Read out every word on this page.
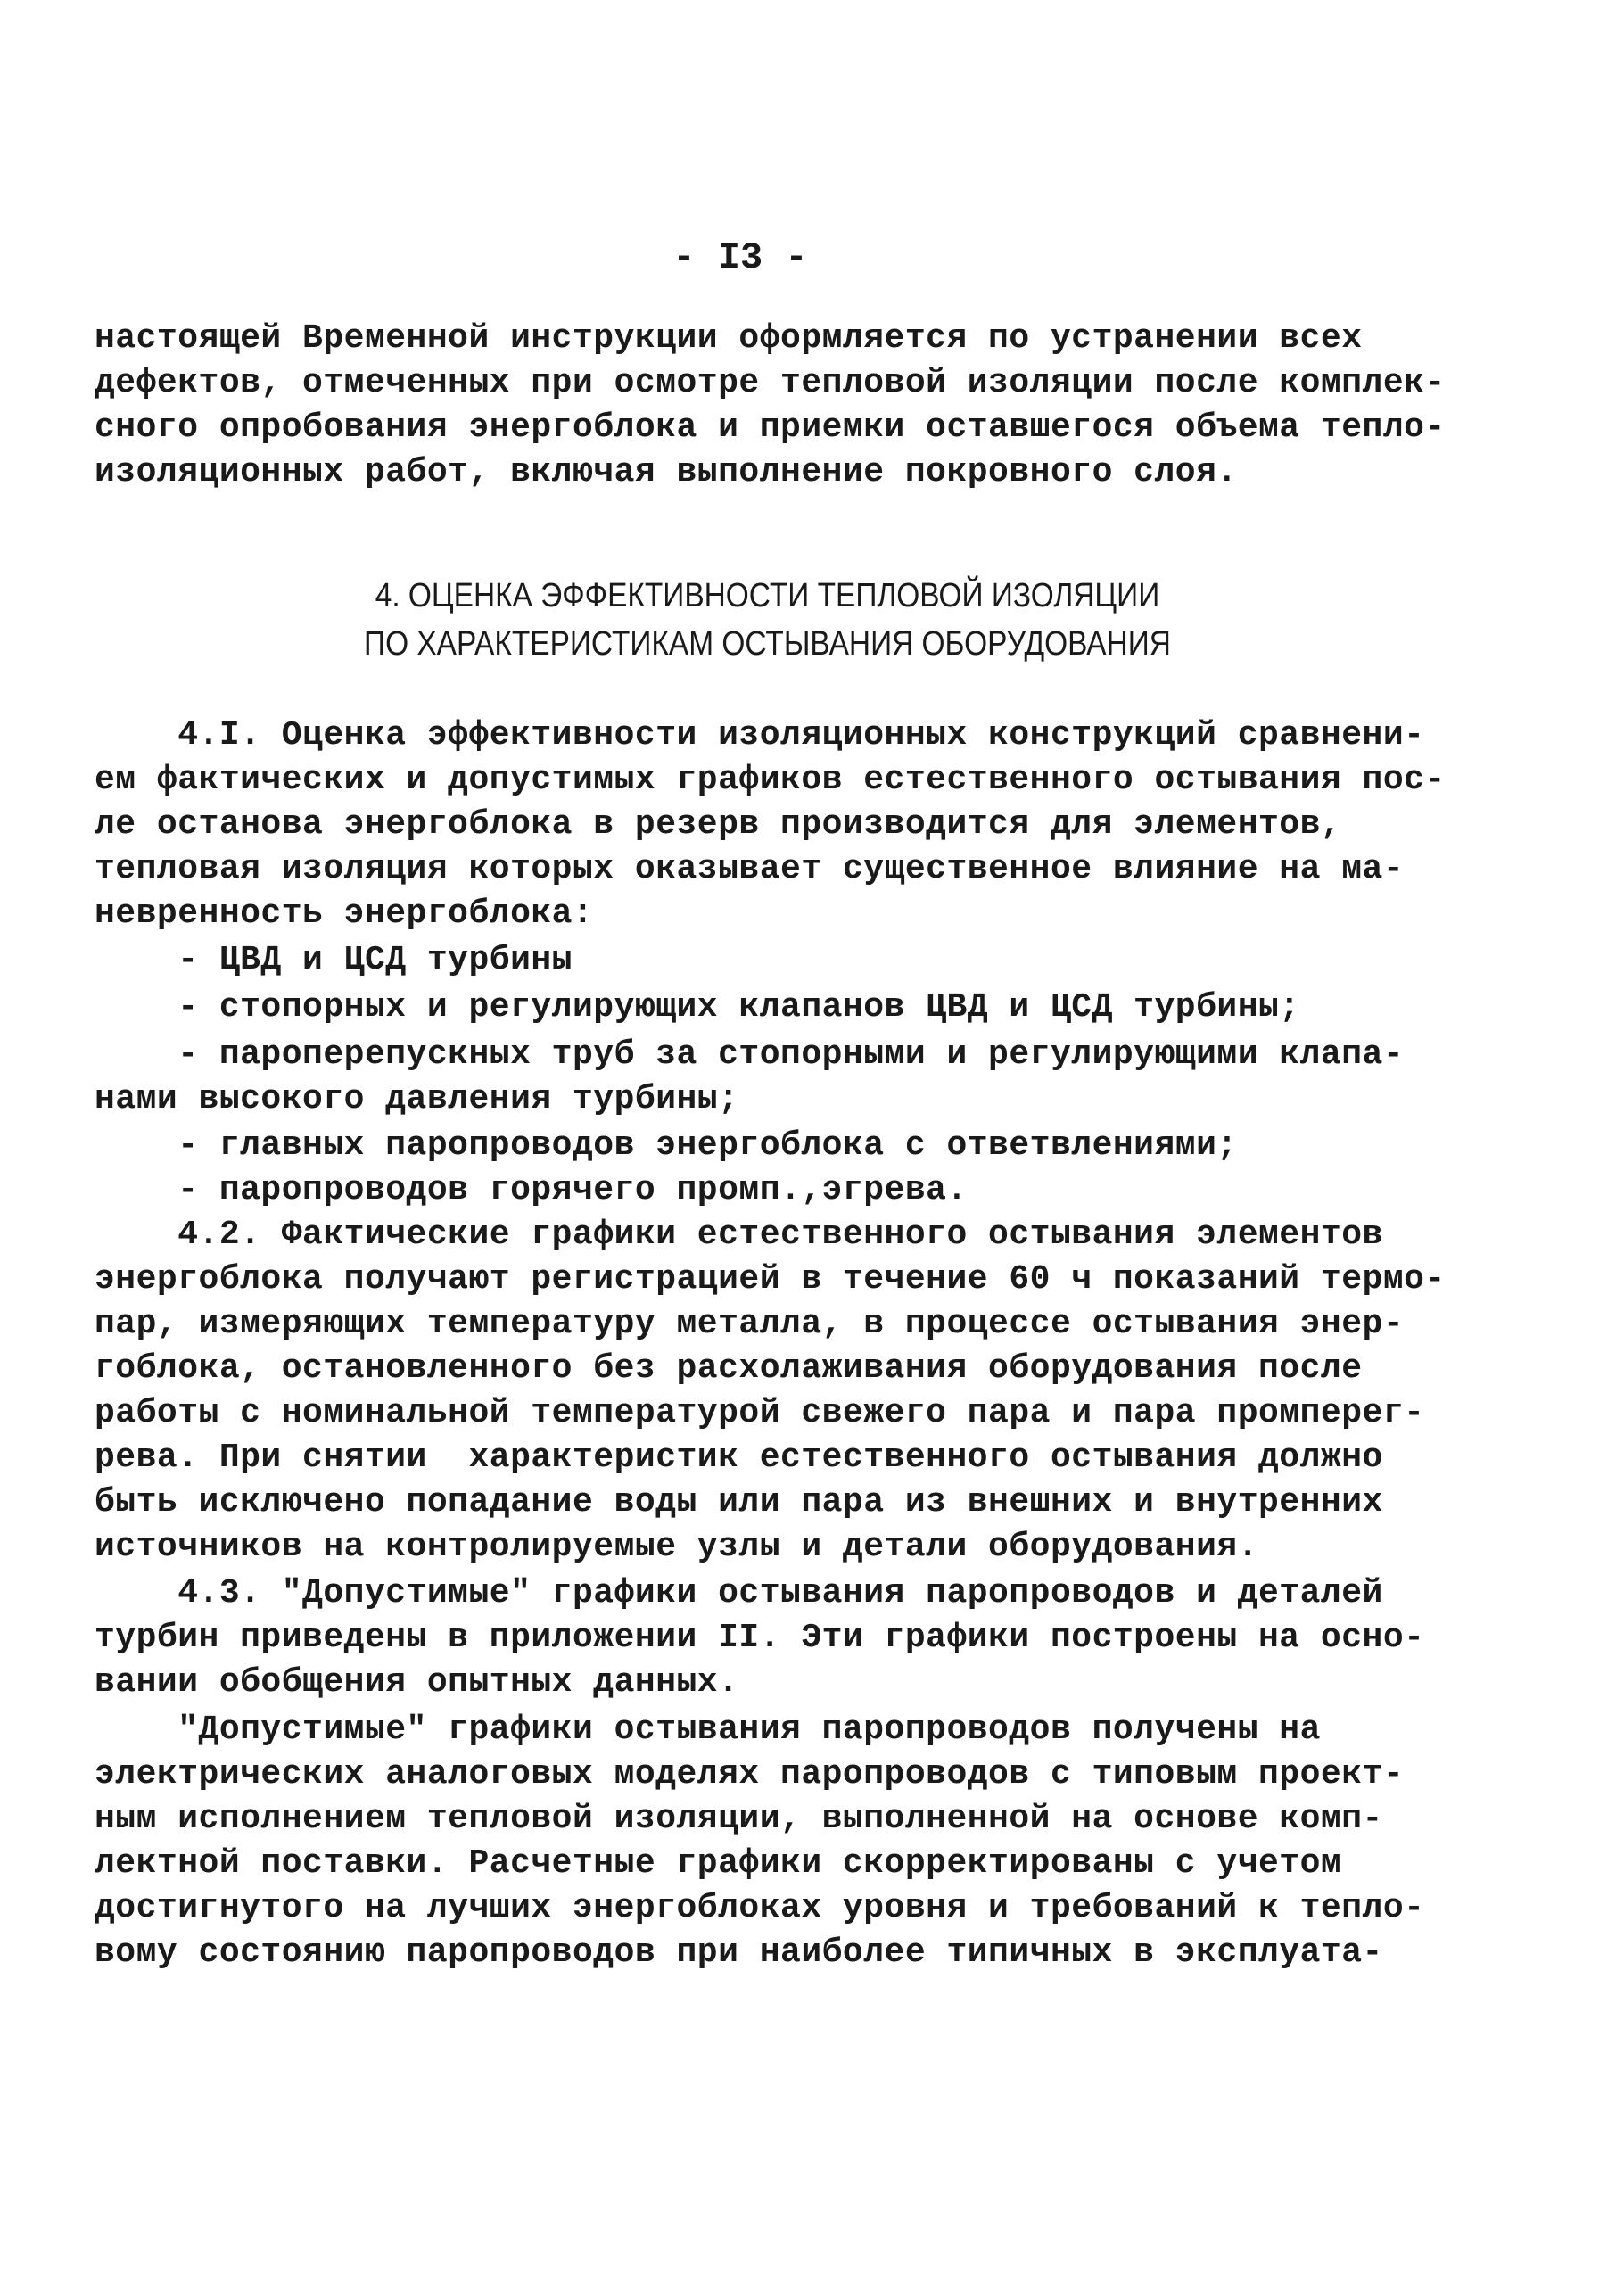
- I3 -
настоящей Временной инструкции оформляется по устранении всех
дефектов, отмеченных при осмотре тепловой изоляции после комплек-
сного опробования энергоблока и приемки оставшегося объема тепло-
изоляционных работ, включая выполнение покровного слоя.
4. ОЦЕНКА ЭФФЕКТИВНОСТИ ТЕПЛОВОЙ ИЗОЛЯЦИИ
ПО ХАРАКТЕРИСТИКАМ ОСТЫВАНИЯ ОБОРУДОВАНИЯ
4.I. Оценка эффективности изоляционных конструкций сравнени-
ем фактических и допустимых графиков естественного остывания пос-
ле останова энергоблока в резерв производится для элементов,
тепловая изоляция которых оказывает существенное влияние на ма-
невренность энергоблока:
- ЦВД и ЦСД турбины
- стопорных и регулирующих клапанов ЦВД и ЦСД турбины;
- пароперепускных труб за стопорными и регулирующими клапа-
нами высокого давления турбины;
- главных паропроводов энергоблока с ответвлениями;
- паропроводов горячего промп.,эгрева.
4.2. Фактические графики естественного остывания элементов
энергоблока получают регистрацией в течение 60 ч показаний термо-
пар, измеряющих температуру металла, в процессе остывания энер-
гоблока, остановленного без расхолаживания оборудования после
работы с номинальной температурой свежего пара и пара промперег-
рева. При снятии  характеристик естественного остывания должно
быть исключено попадание воды или пара из внешних и внутренних
источников на контролируемые узлы и детали оборудования.
4.3. "Допустимые" графики остывания паропроводов и деталей
турбин приведены в приложении II. Эти графики построены на осно-
вании обобщения опытных данных.
"Допустимые" графики остывания паропроводов получены на
электрических аналоговых моделях паропроводов с типовым проект-
ным исполнением тепловой изоляции, выполненной на основе комп-
лектной поставки. Расчетные графики скорректированы с учетом
достигнутого на лучших энергоблоках уровня и требований к тепло-
вому состоянию паропроводов при наиболее типичных в эксплуата-
